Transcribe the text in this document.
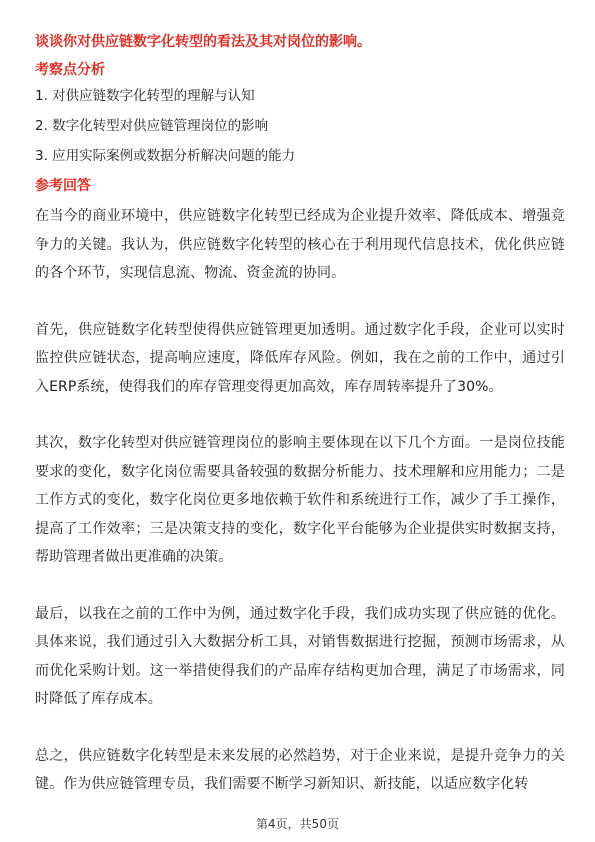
谈谈你对供应链数字化转型的看法及其对岗位的影响。
考察点分析
1. 对供应链数字化转型的理解与认知
2. 数字化转型对供应链管理岗位的影响
3. 应用实际案例或数据分析解决问题的能力
参考回答

在当今的商业环境中，供应链数字化转型已经成为企业提升效率、降低成本、增强竞争力的关键。我认为，供应链数字化转型的核心在于利用现代信息技术，优化供应链的各个环节，实现信息流、物流、资金流的协同。

首先，供应链数字化转型使得供应链管理更加透明。通过数字化手段，企业可以实时监控供应链状态，提高响应速度，降低库存风险。例如，我在之前的工作中，通过引入ERP系统，使得我们的库存管理变得更加高效，库存周转率提升了30%。

其次，数字化转型对供应链管理岗位的影响主要体现在以下几个方面。一是岗位技能要求的变化，数字化岗位需要具备较强的数据分析能力、技术理解和应用能力；二是工作方式的变化，数字化岗位更多地依赖于软件和系统进行工作，减少了手工操作，提高了工作效率；三是决策支持的变化，数字化平台能够为企业提供实时数据支持，帮助管理者做出更准确的决策。

最后，以我在之前的工作中为例，通过数字化手段，我们成功实现了供应链的优化。具体来说，我们通过引入大数据分析工具，对销售数据进行挖掘，预测市场需求，从而优化采购计划。这一举措使得我们的产品库存结构更加合理，满足了市场需求，同时降低了库存成本。

总之，供应链数字化转型是未来发展的必然趋势，对于企业来说，是提升竞争力的关键。作为供应链管理专员，我们需要不断学习新知识、新技能，以适应数字化转

第4页，共50页
